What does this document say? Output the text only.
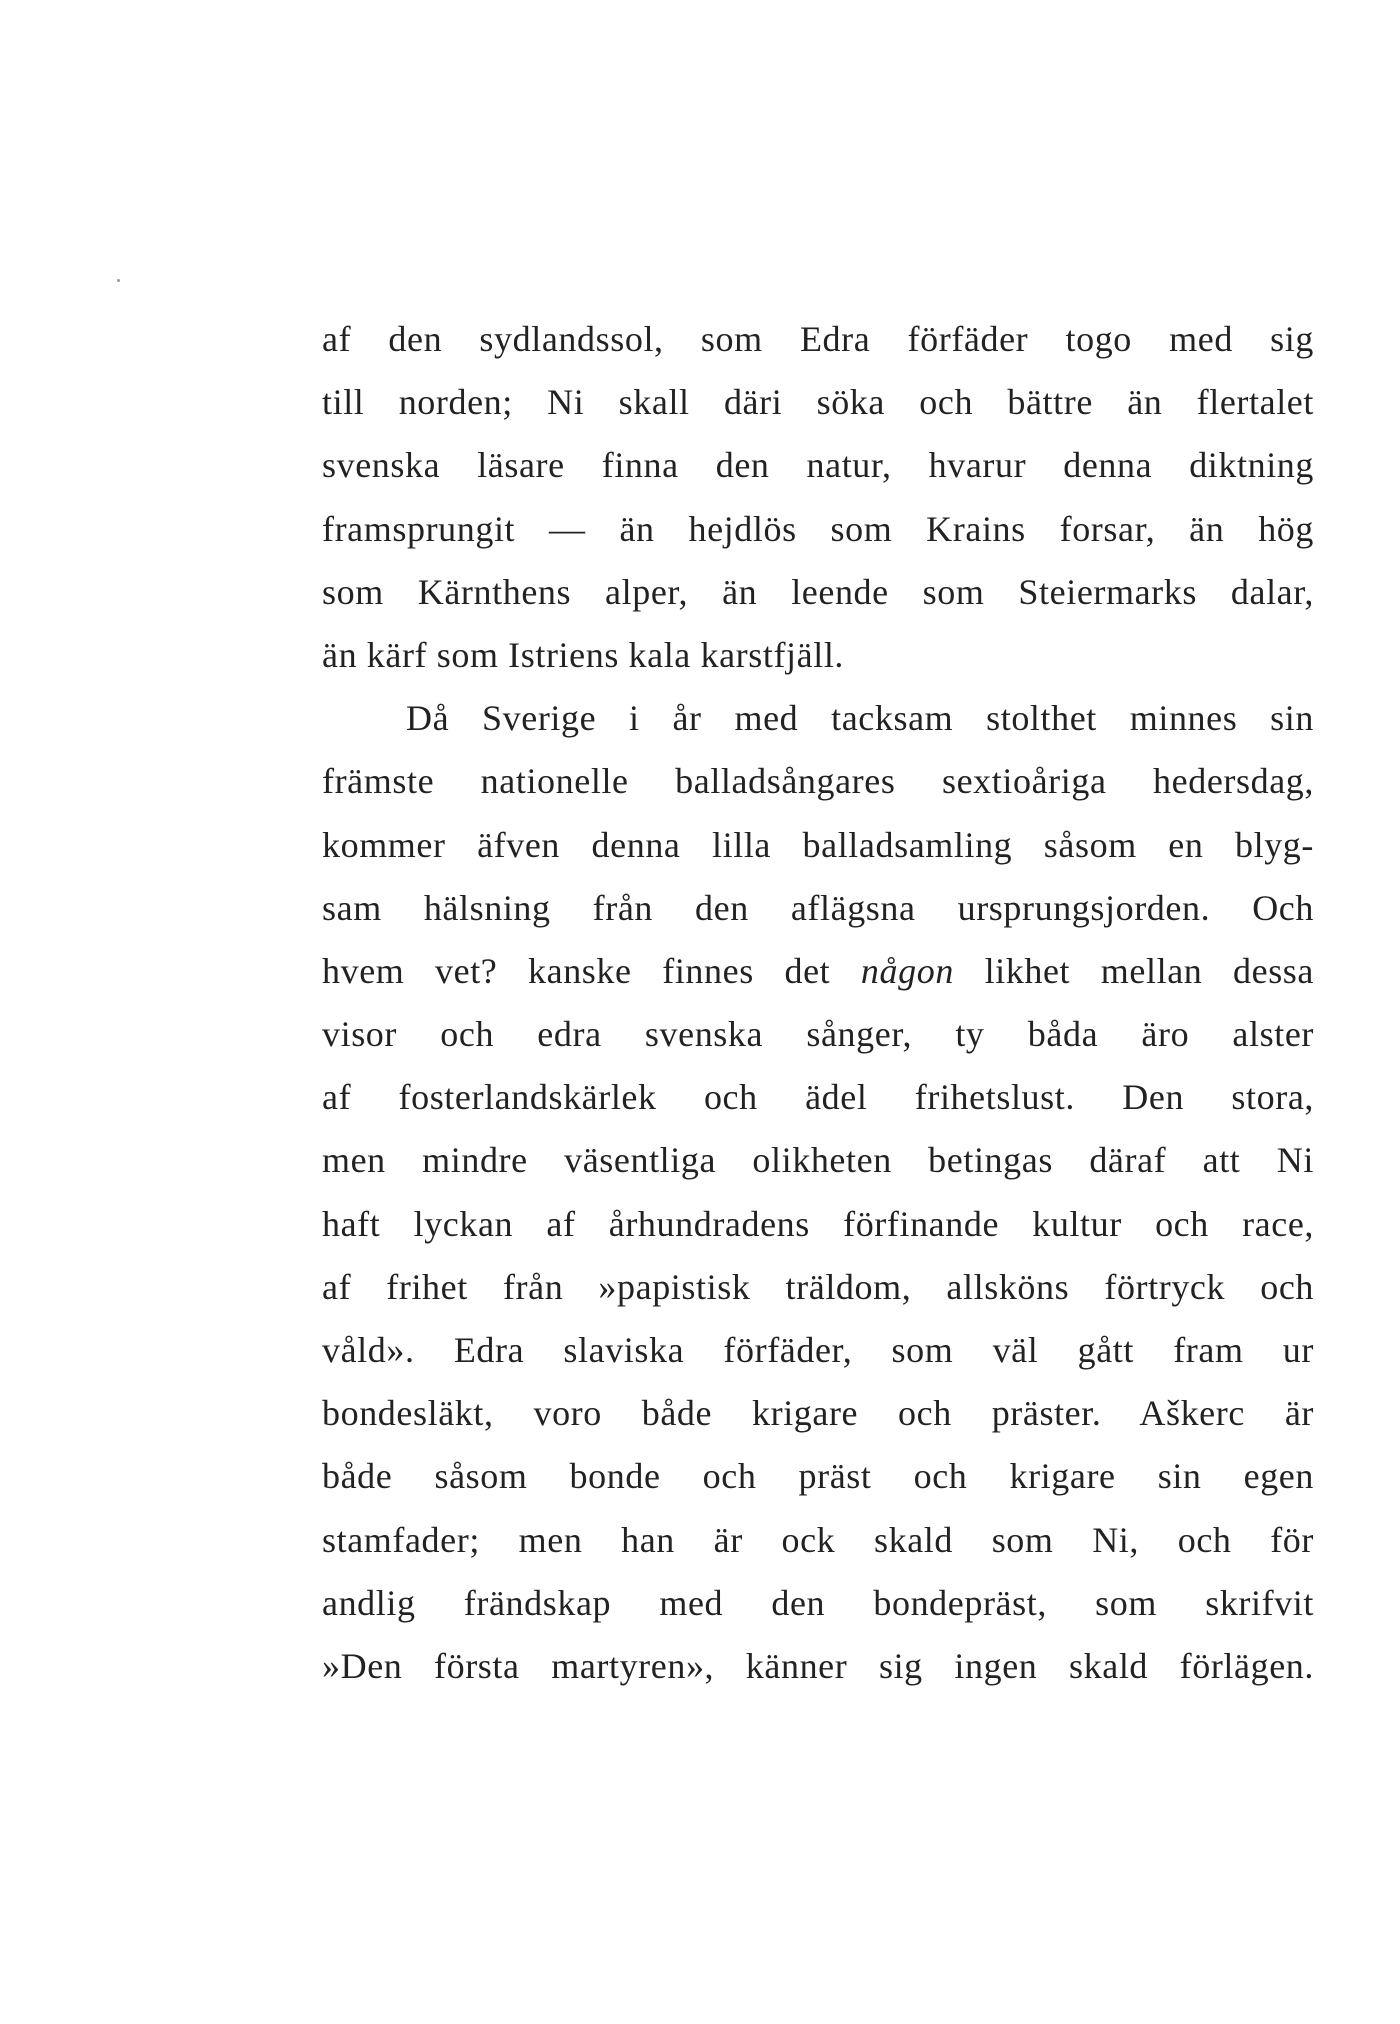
af den sydlandssol, som Edra förfäder togo med sig
till norden; Ni skall däri söka och bättre än flertalet
svenska läsare finna den natur, hvarur denna diktning
framsprungit — än hejdlös som Krains forsar, än hög
som Kärnthens alper, än leende som Steiermarks dalar,
än kärf som Istriens kala karstfjäll.
Då Sverige i år med tacksam stolthet minnes sin
främste nationelle balladsångares sextioåriga hedersdag,
kommer äfven denna lilla balladsamling såsom en blyg-
sam hälsning från den aflägsna ursprungsjorden. Och
hvem vet? kanske finnes det någon likhet mellan dessa
visor och edra svenska sånger, ty båda äro alster
af fosterlandskärlek och ädel frihetslust. Den stora,
men mindre väsentliga olikheten betingas däraf att Ni
haft lyckan af århundradens förfinande kultur och race,
af frihet från »papistisk träldom, allsköns förtryck och
våld». Edra slaviska förfäder, som väl gått fram ur
bondesläkt, voro både krigare och präster. Aškerc är
både såsom bonde och präst och krigare sin egen
stamfader; men han är ock skald som Ni, och för
andlig frändskap med den bondepräst, som skrifvit
»Den första martyren», känner sig ingen skald förlägen.
